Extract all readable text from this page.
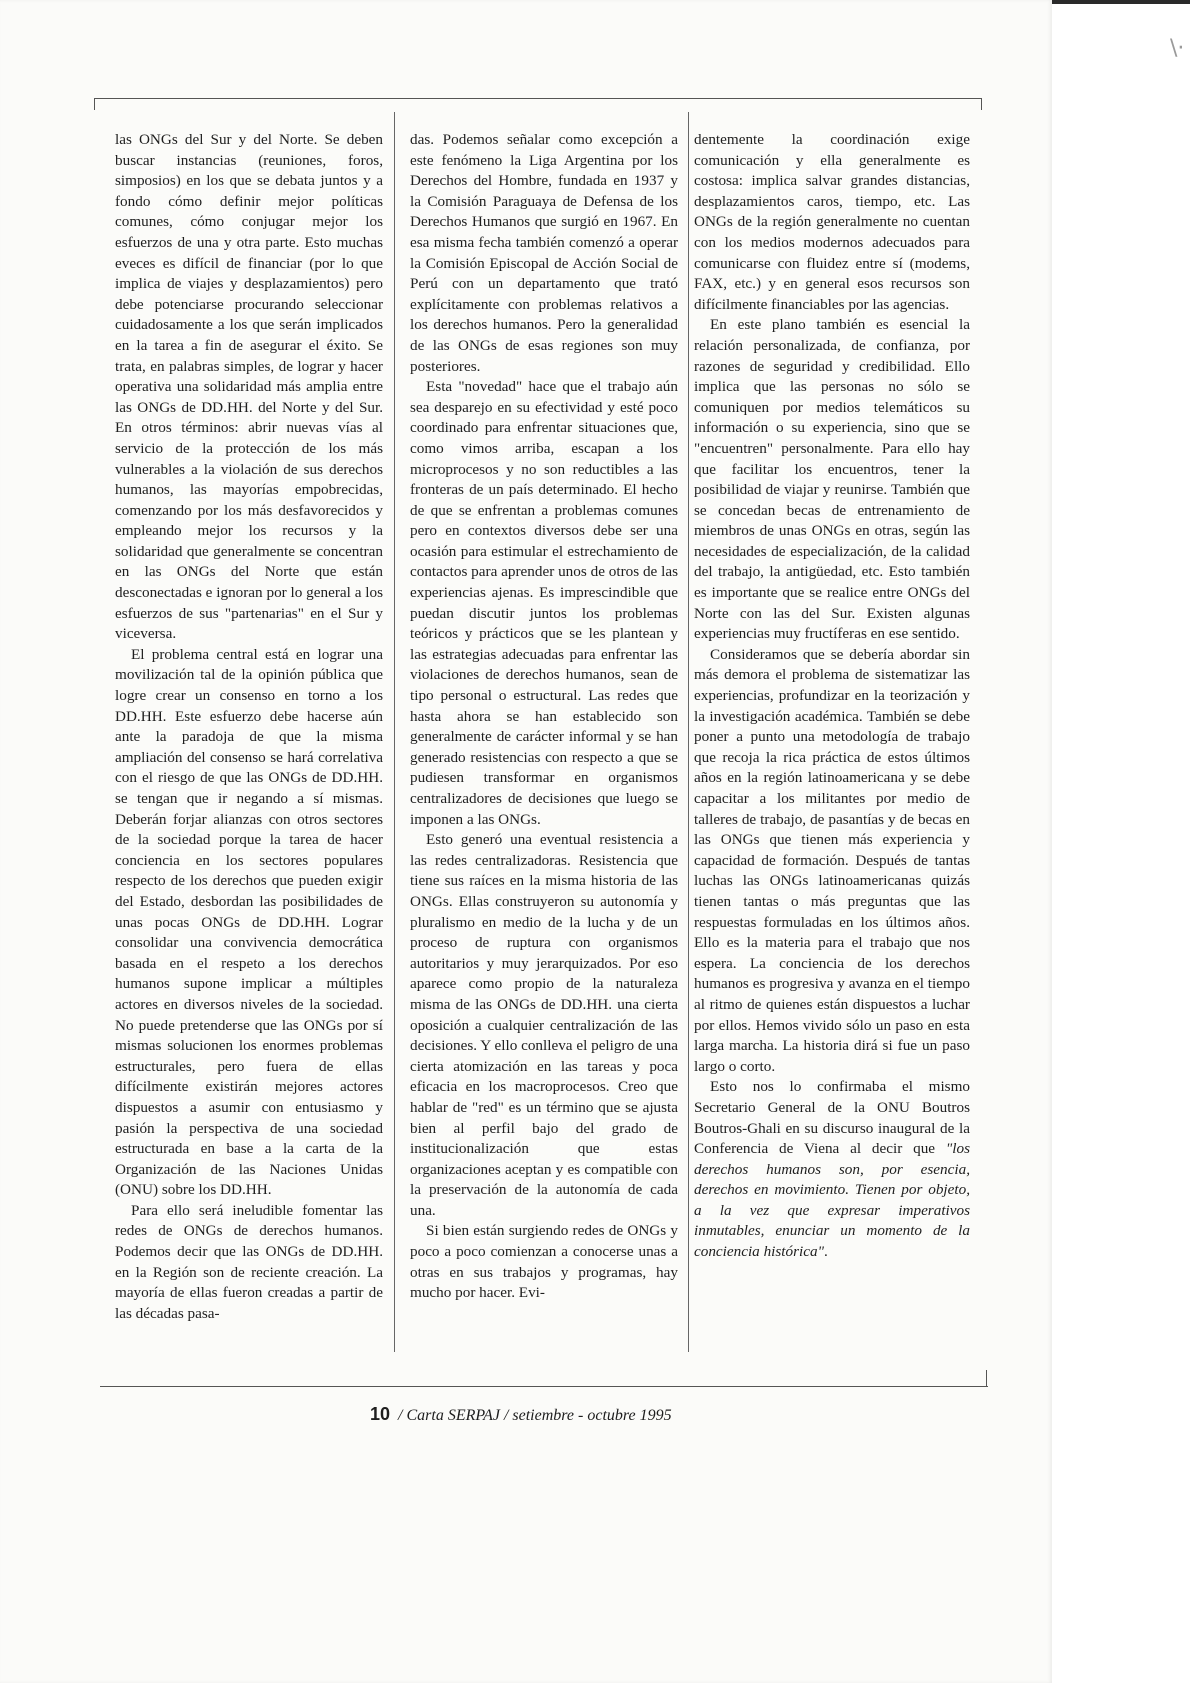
\·

las ONGs del Sur y del Norte. Se deben buscar instancias (reuniones, foros, simposios) en los que se debata juntos y a fondo cómo definir mejor políticas comunes, cómo conjugar mejor los esfuerzos de una y otra parte. Esto muchas eveces es difícil de financiar (por lo que implica de viajes y desplazamientos) pero debe potenciarse procurando seleccionar cuidadosamente a los que serán implicados en la tarea a fin de asegurar el éxito. Se trata, en palabras simples, de lograr y hacer operativa una solidaridad más amplia entre las ONGs de DD.HH. del Norte y del Sur. En otros términos: abrir nuevas vías al servicio de la protección de los más vulnerables a la violación de sus derechos humanos, las mayorías empobrecidas, comenzando por los más desfavorecidos y empleando mejor los recursos y la solidaridad que generalmente se concentran en las ONGs del Norte que están desconectadas e ignoran por lo general a los esfuerzos de sus "partenarias" en el Sur y viceversa.

El problema central está en lograr una movilización tal de la opinión pública que logre crear un consenso en torno a los DD.HH. Este esfuerzo debe hacerse aún ante la paradoja de que la misma ampliación del consenso se hará correlativa con el riesgo de que las ONGs de DD.HH. se tengan que ir negando a sí mismas. Deberán forjar alianzas con otros sectores de la sociedad porque la tarea de hacer conciencia en los sectores populares respecto de los derechos que pueden exigir del Estado, desbordan las posibilidades de unas pocas ONGs de DD.HH. Lograr consolidar una convivencia democrática basada en el respeto a los derechos humanos supone implicar a múltiples actores en diversos niveles de la sociedad. No puede pretenderse que las ONGs por sí mismas solucionen los enormes problemas estructurales, pero fuera de ellas difícilmente existirán mejores actores dispuestos a asumir con entusiasmo y pasión la perspectiva de una sociedad estructurada en base a la carta de la Organización de las Naciones Unidas (ONU) sobre los DD.HH.

Para ello será ineludible fomentar las redes de ONGs de derechos humanos. Podemos decir que las ONGs de DD.HH. en la Región son de reciente creación. La mayoría de ellas fueron creadas a partir de las décadas pasa-

das. Podemos señalar como excepción a este fenómeno la Liga Argentina por los Derechos del Hombre, fundada en 1937 y la Comisión Paraguaya de Defensa de los Derechos Humanos que surgió en 1967. En esa misma fecha también comenzó a operar la Comisión Episcopal de Acción Social de Perú con un departamento que trató explícitamente con problemas relativos a los derechos humanos. Pero la generalidad de las ONGs de esas regiones son muy posteriores.

Esta "novedad" hace que el trabajo aún sea desparejo en su efectividad y esté poco coordinado para enfrentar situaciones que, como vimos arriba, escapan a los microprocesos y no son reductibles a las fronteras de un país determinado. El hecho de que se enfrentan a problemas comunes pero en contextos diversos debe ser una ocasión para estimular el estrechamiento de contactos para aprender unos de otros de las experiencias ajenas. Es imprescindible que puedan discutir juntos los problemas teóricos y prácticos que se les plantean y las estrategias adecuadas para enfrentar las violaciones de derechos humanos, sean de tipo personal o estructural. Las redes que hasta ahora se han establecido son generalmente de carácter informal y se han generado resistencias con respecto a que se pudiesen transformar en organismos centralizadores de decisiones que luego se imponen a las ONGs.

Esto generó una eventual resistencia a las redes centralizadoras. Resistencia que tiene sus raíces en la misma historia de las ONGs. Ellas construyeron su autonomía y pluralismo en medio de la lucha y de un proceso de ruptura con organismos autoritarios y muy jerarquizados. Por eso aparece como propio de la naturaleza misma de las ONGs de DD.HH. una cierta oposición a cualquier centralización de las decisiones. Y ello conlleva el peligro de una cierta atomización en las tareas y poca eficacia en los macroprocesos. Creo que hablar de "red" es un término que se ajusta bien al perfil bajo del grado de institucionalización que estas organizaciones aceptan y es compatible con la preservación de la autonomía de cada una.

Si bien están surgiendo redes de ONGs y poco a poco comienzan a conocerse unas a otras en sus trabajos y programas, hay mucho por hacer. Evi-

dentemente la coordinación exige comunicación y ella generalmente es costosa: implica salvar grandes distancias, desplazamientos caros, tiempo, etc. Las ONGs de la región generalmente no cuentan con los medios modernos adecuados para comunicarse con fluidez entre sí (modems, FAX, etc.) y en general esos recursos son difícilmente financiables por las agencias.

En este plano también es esencial la relación personalizada, de confianza, por razones de seguridad y credibilidad. Ello implica que las personas no sólo se comuniquen por medios telemáticos su información o su experiencia, sino que se "encuentren" personalmente. Para ello hay que facilitar los encuentros, tener la posibilidad de viajar y reunirse. También que se concedan becas de entrenamiento de miembros de unas ONGs en otras, según las necesidades de especialización, de la calidad del trabajo, la antigüedad, etc. Esto también es importante que se realice entre ONGs del Norte con las del Sur. Existen algunas experiencias muy fructíferas en ese sentido.

Consideramos que se debería abordar sin más demora el problema de sistematizar las experiencias, profundizar en la teorización y la investigación académica. También se debe poner a punto una metodología de trabajo que recoja la rica práctica de estos últimos años en la región latinoamericana y se debe capacitar a los militantes por medio de talleres de trabajo, de pasantías y de becas en las ONGs que tienen más experiencia y capacidad de formación. Después de tantas luchas las ONGs latinoamericanas quizás tienen tantas o más preguntas que las respuestas formuladas en los últimos años. Ello es la materia para el trabajo que nos espera. La conciencia de los derechos humanos es progresiva y avanza en el tiempo al ritmo de quienes están dispuestos a luchar por ellos. Hemos vivido sólo un paso en esta larga marcha. La historia dirá si fue un paso largo o corto.

Esto nos lo confirmaba el mismo Secretario General de la ONU Boutros Boutros-Ghali en su discurso inaugural de la Conferencia de Viena al decir que "los derechos humanos son, por esencia, derechos en movimiento. Tienen por objeto, a la vez que expresar imperativos inmutables, enunciar un momento de la conciencia histórica".

10 / Carta SERPAJ / setiembre - octubre 1995
